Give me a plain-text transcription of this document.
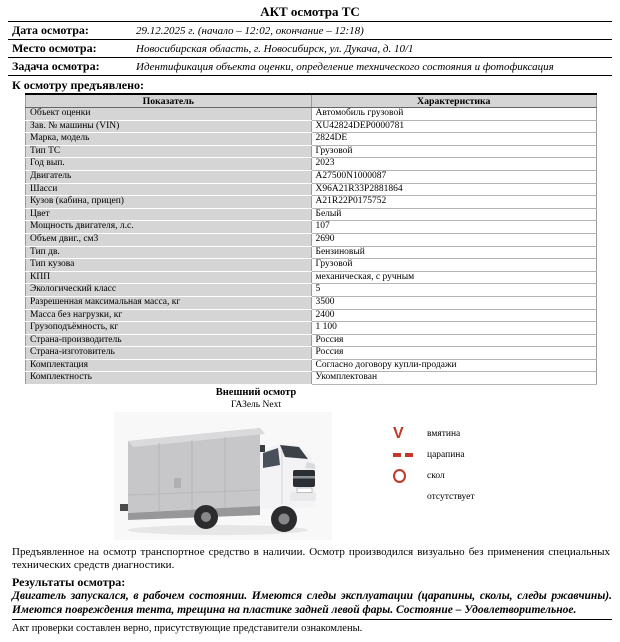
АКТ осмотра ТС
Дата осмотра:	29.12.2025 г. (начало – 12:02, окончание – 12:18)
Место осмотра:	Новосибирская область, г. Новосибирск, ул. Дукача, д. 10/1
Задача осмотра:	Идентификация объекта оценки, определение технического состояния и фотофиксация
К осмотру предъявлено:
Показатель	Характеристика
Объект оценки	Автомобиль грузовой
Зав. № машины (VIN)	XU42824DEP0000781
Марка, модель	2824DE
Тип ТС	Грузовой
Год вып.	2023
Двигатель	A27500N1000087
Шасси	X96A21R33P2881864
Кузов (кабина, прицеп)	A21R22P0175752
Цвет	Белый
Мощность двигателя, л.с.	107
Объем двиг., см3	2690
Тип дв.	Бензиновый
Тип кузова	Грузовой
КПП	механическая, с ручным
Экологический класс	5
Разрешенная максимальная масса, кг	3500
Масса без нагрузки, кг	2400
Грузоподъёмность, кг	1 100
Страна-производитель	Россия
Страна-изготовитель	Россия
Комплектация	Согласно договору купли-продажи
Комплектность	Укомплектован
Внешний осмотр
ГАЗель Next
V	вмятина
царапина
скол
отсутствует
Предъявленное на осмотр транспортное средство в наличии. Осмотр производился визуально без применения специальных технических средств диагностики.
Результаты осмотра:
Двигатель запускался, в рабочем состоянии. Имеются следы эксплуатации (царапины, сколы, следы ржавчины). Имеются повреждения тента, трещина на пластике задней левой фары. Состояние – Удовлетворительное.
Акт проверки составлен верно, присутствующие представители ознакомлены.
